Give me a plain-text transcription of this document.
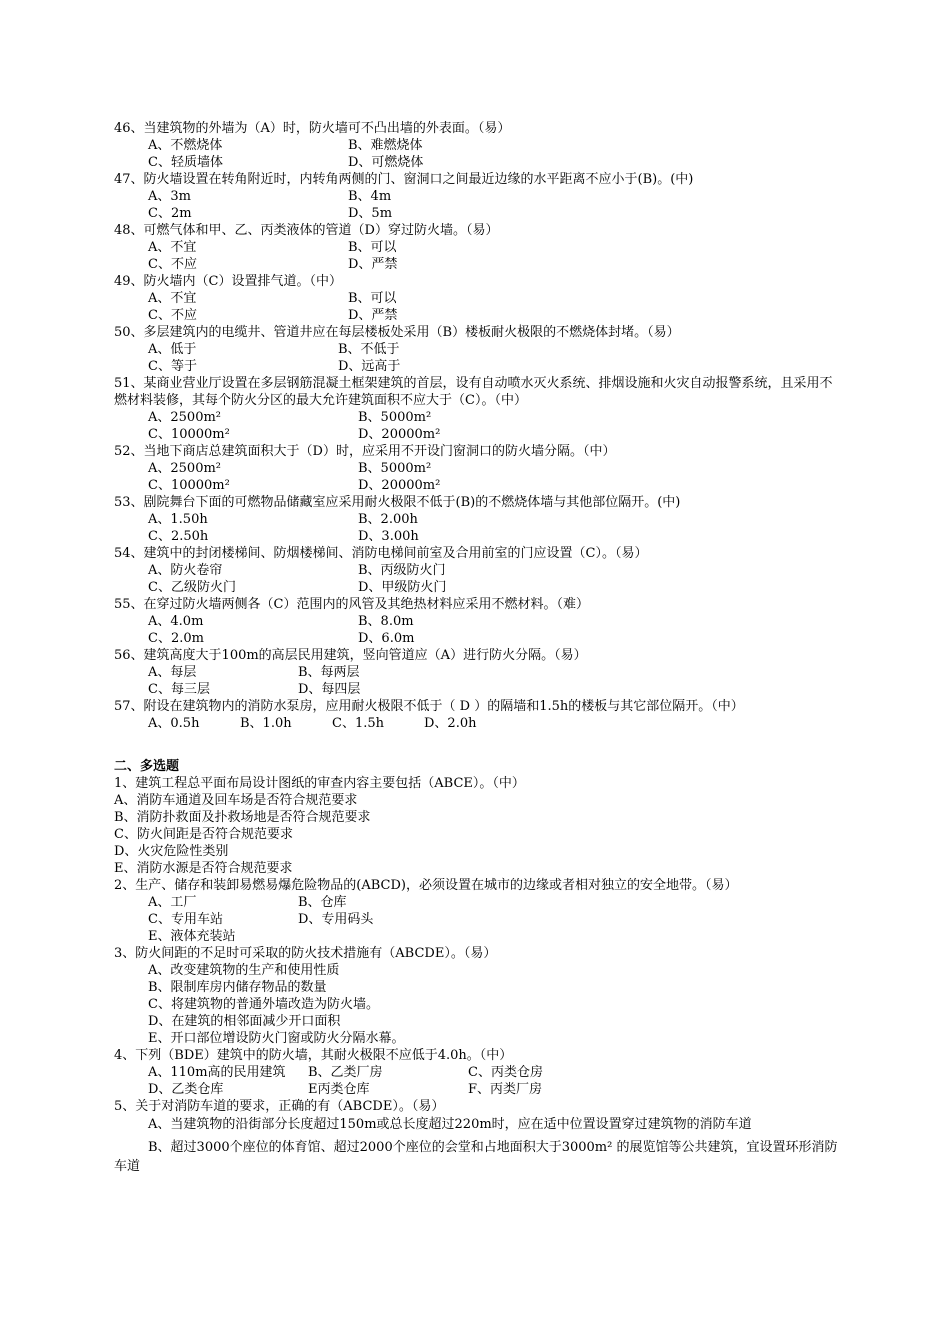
46、当建筑物的外墙为（A）时，防火墙可不凸出墙的外表面。（易）
A、不燃烧体	B、难燃烧体
C、轻质墙体	D、可燃烧体
47、防火墙设置在转角附近时，内转角两侧的门、窗洞口之间最近边缘的水平距离不应小于(B)。(中)
A、3m	B、4m
C、2m	D、5m
48、可燃气体和甲、乙、丙类液体的管道（D）穿过防火墙。（易）
A、不宜	B、可以
C、不应	D、严禁
49、防火墙内（C）设置排气道。（中）
A、不宜	B、可以
C、不应	D、严禁
50、多层建筑内的电缆井、管道井应在每层楼板处采用（B）楼板耐火极限的不燃烧体封堵。（易）
A、低于	B、不低于
C、等于	D、远高于
51、某商业营业厅设置在多层钢筋混凝土框架建筑的首层，设有自动喷水灭火系统、排烟设施和火灾自动报警系统，且采用不燃材料装修，其每个防火分区的最大允许建筑面积不应大于（C）。（中）
A、2500m²	B、5000m²
C、10000m²	D、20000m²
52、当地下商店总建筑面积大于（D）时，应采用不开设门窗洞口的防火墙分隔。（中）
A、2500m²	B、5000m²
C、10000m²	D、20000m²
53、剧院舞台下面的可燃物品储藏室应采用耐火极限不低于(B)的不燃烧体墙与其他部位隔开。(中)
A、1.50h	B、2.00h
C、2.50h	D、3.00h
54、建筑中的封闭楼梯间、防烟楼梯间、消防电梯间前室及合用前室的门应设置（C）。（易）
A、防火卷帘	B、丙级防火门
C、乙级防火门	D、甲级防火门
55、在穿过防火墙两侧各（C）范围内的风管及其绝热材料应采用不燃材料。（难）
A、4.0m	B、8.0m
C、2.0m	D、6.0m
56、建筑高度大于100m的高层民用建筑，竖向管道应（A）进行防火分隔。（易）
A、每层	B、每两层
C、每三层	D、每四层
57、附设在建筑物内的消防水泵房，应用耐火极限不低于（ D ）的隔墙和1.5h的楼板与其它部位隔开。（中）
A、0.5h	B、1.0h	C、1.5h	D、2.0h
二、多选题
1、建筑工程总平面布局设计图纸的审查内容主要包括（ABCE）。（中）
A、消防车通道及回车场是否符合规范要求
B、消防扑救面及扑救场地是否符合规范要求
C、防火间距是否符合规范要求
D、火灾危险性类别
E、消防水源是否符合规范要求
2、生产、储存和装卸易燃易爆危险物品的(ABCD)，必须设置在城市的边缘或者相对独立的安全地带。（易）
A、工厂	B、仓库
C、专用车站	D、专用码头
E、液体充装站
3、防火间距的不足时可采取的防火技术措施有（ABCDE）。（易）
A、改变建筑物的生产和使用性质
B、限制库房内储存物品的数量
C、将建筑物的普通外墙改造为防火墙。
D、在建筑的相邻面减少开口面积
E、开口部位增设防火门窗或防火分隔水幕。
4、下列（BDE）建筑中的防火墙，其耐火极限不应低于4.0h。（中）
A、110m高的民用建筑	B、乙类厂房	C、丙类仓房
D、乙类仓库	E丙类仓库	F、丙类厂房
5、关于对消防车道的要求，正确的有（ABCDE）。（易）
A、当建筑物的沿街部分长度超过150m或总长度超过220m时，应在适中位置设置穿过建筑物的消防车道
B、超过3000个座位的体育馆、超过2000个座位的会堂和占地面积大于3000m² 的展览馆等公共建筑，宜设置环形消防车道
